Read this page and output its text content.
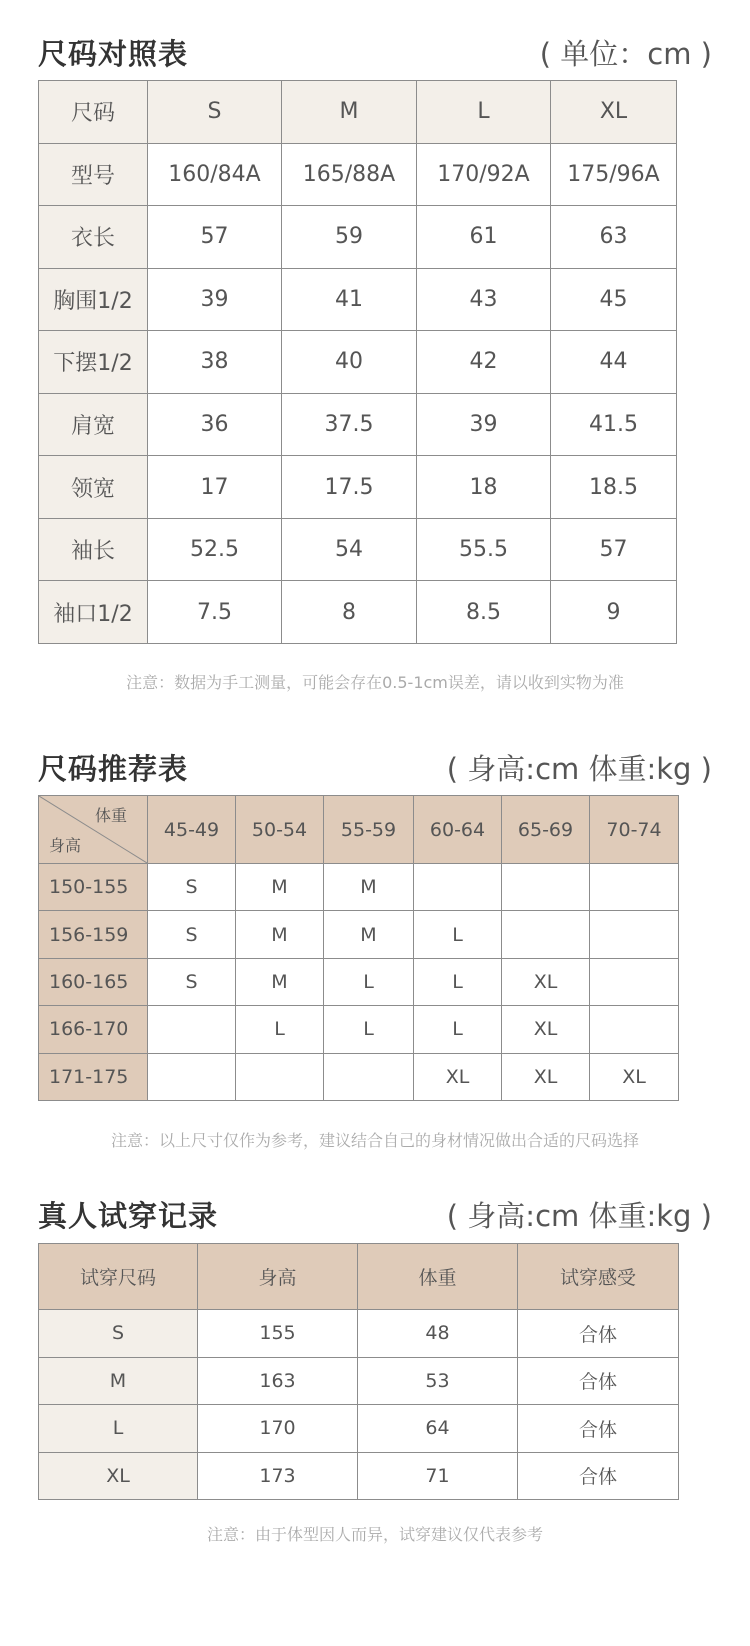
尺码对照表	( 单位：cm )
尺码	S	M	L	XL
型号	160/84A	165/88A	170/92A	175/96A
衣长	57	59	61	63
胸围1/2	39	41	43	45
下摆1/2	38	40	42	44
肩宽	36	37.5	39	41.5
领宽	17	17.5	18	18.5
袖长	52.5	54	55.5	57
袖口1/2	7.5	8	8.5	9
注意：数据为手工测量，可能会存在0.5-1cm误差，请以收到实物为准
尺码推荐表	( 身高:cm 体重:kg )
体重
身高	45-49	50-54	55-59	60-64	65-69	70-74
150-155	S	M	M			
156-159	S	M	M	L		
160-165	S	M	L	L	XL	
166-170		L	L	L	XL	
171-175				XL	XL	XL
注意：以上尺寸仅作为参考，建议结合自己的身材情况做出合适的尺码选择
真人试穿记录	( 身高:cm 体重:kg )
试穿尺码	身高	体重	试穿感受
S	155	48	合体
M	163	53	合体
L	170	64	合体
XL	173	71	合体
注意：由于体型因人而异，试穿建议仅代表参考
